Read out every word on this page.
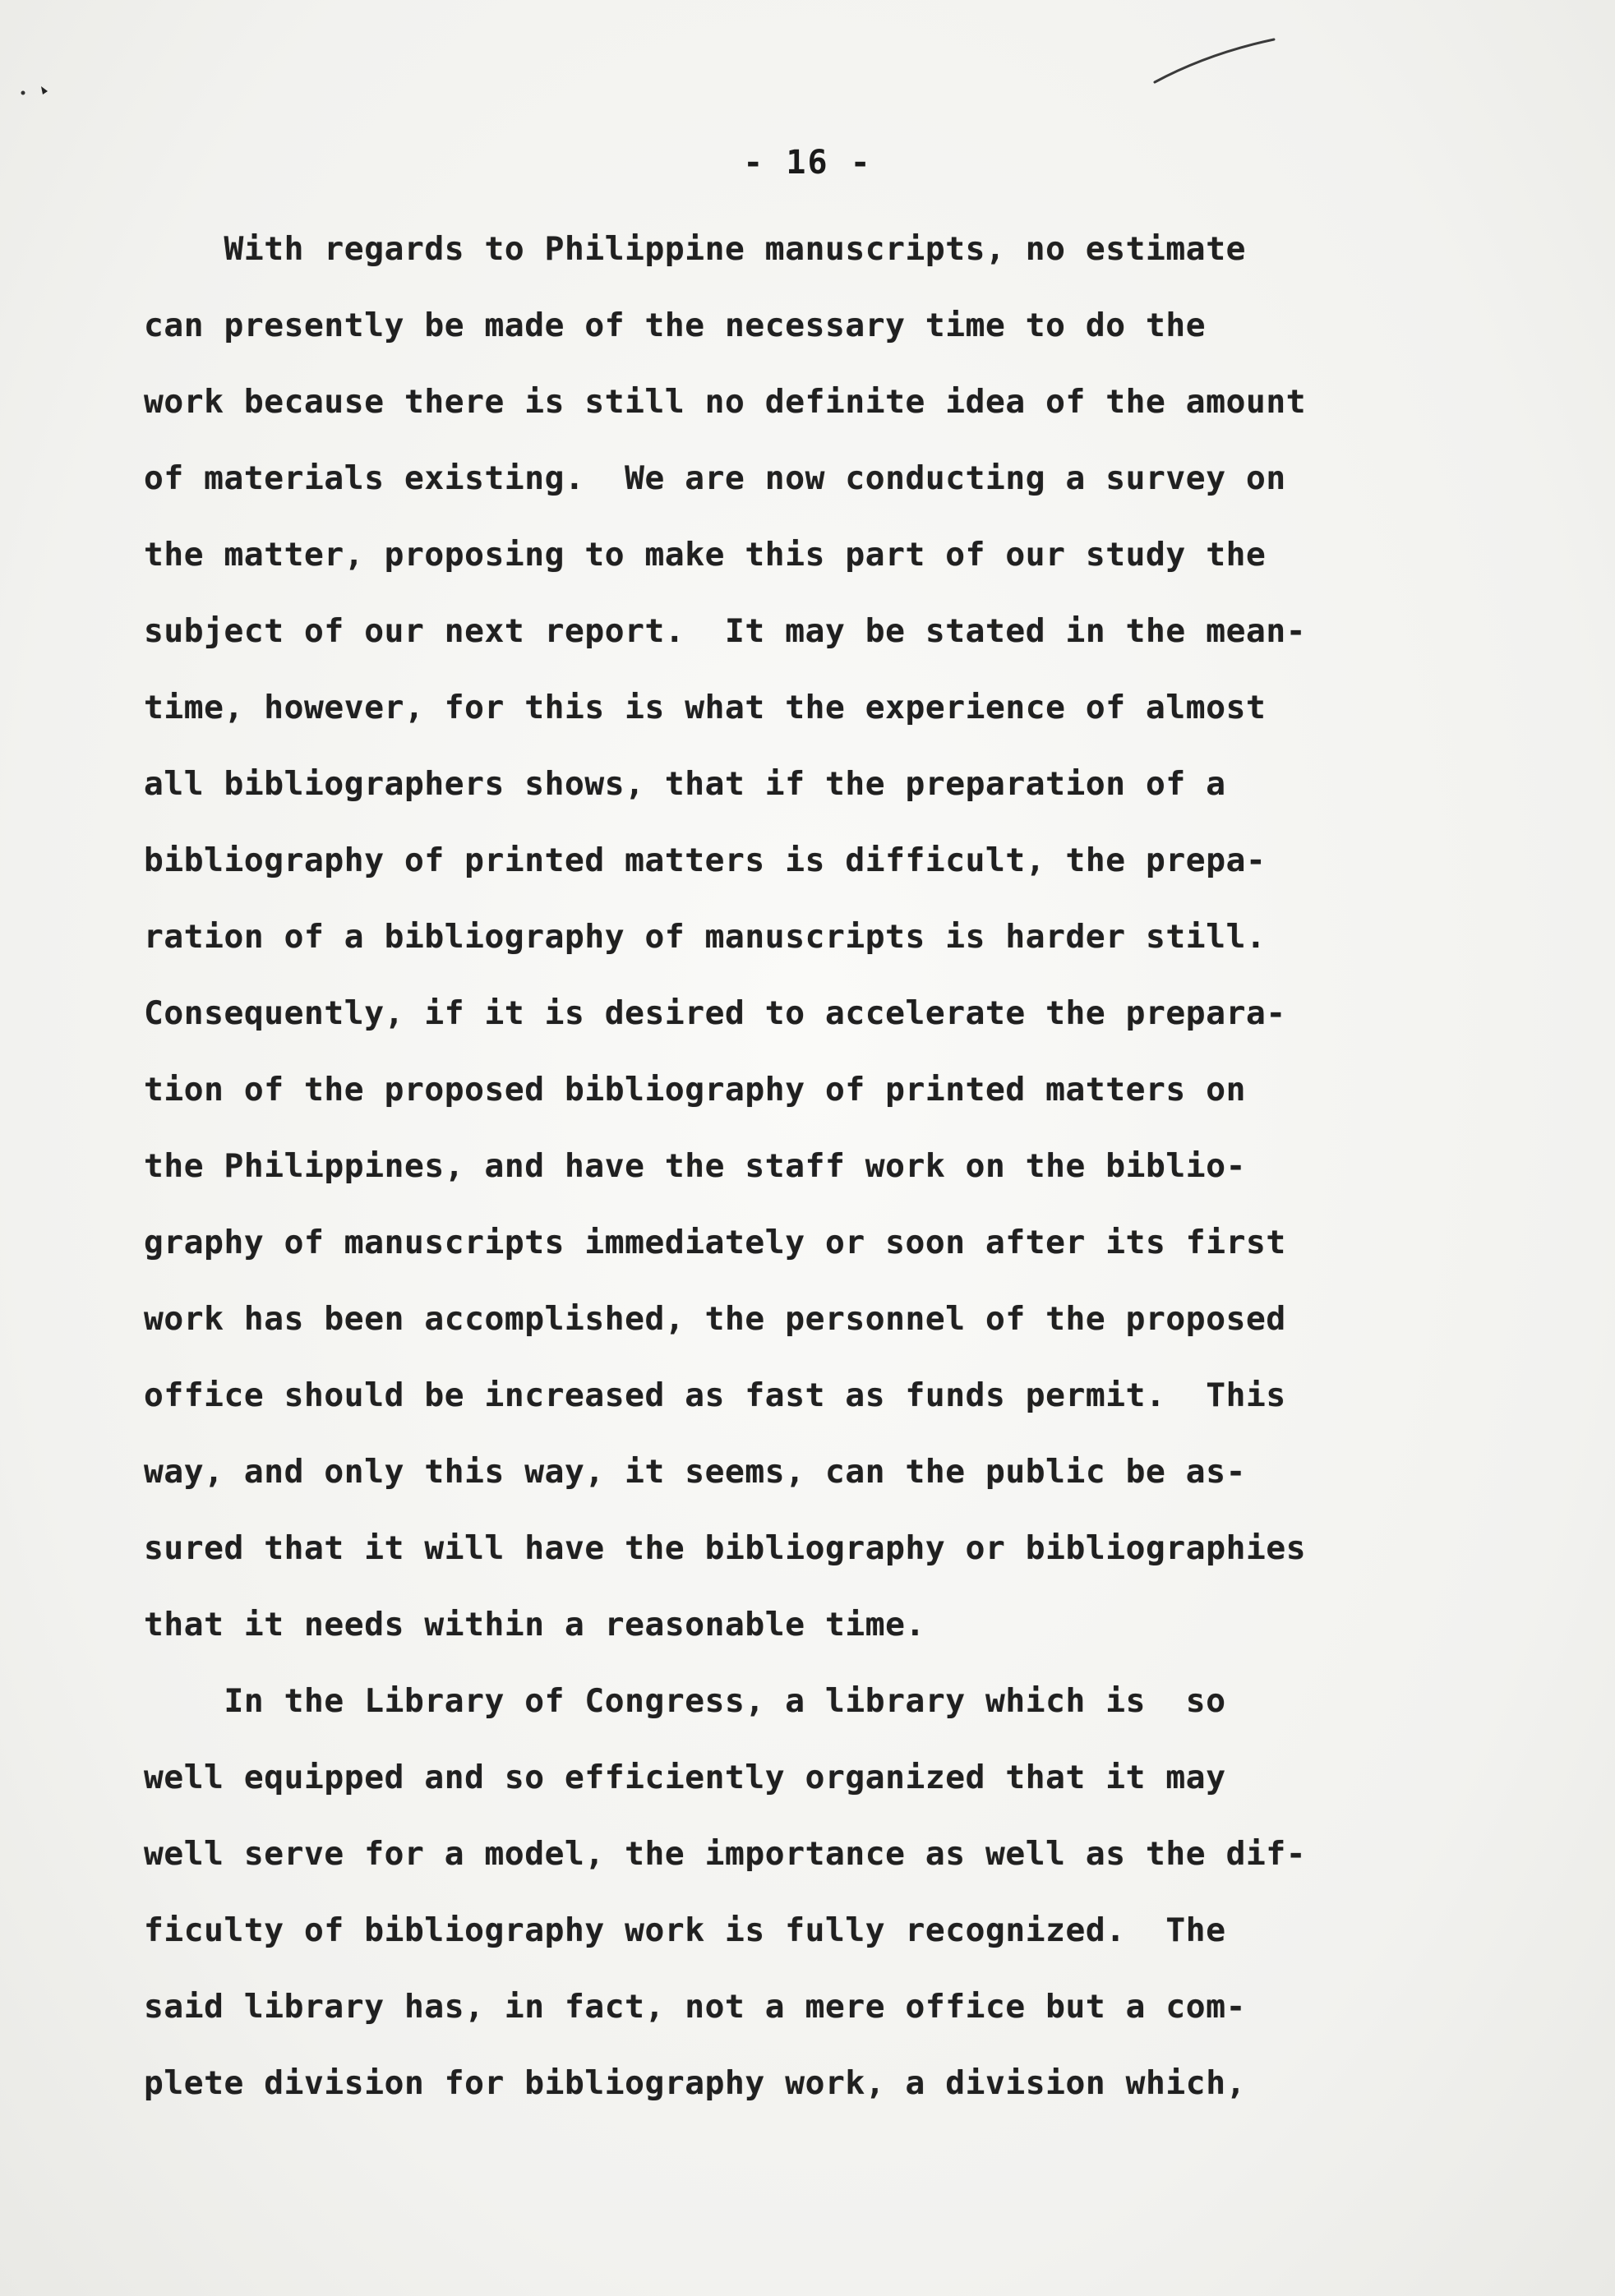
- 16 -

With regards to Philippine manuscripts, no estimate

can presently be made of the necessary time to do the

work because there is still no definite idea of the amount

of materials existing.  We are now conducting a survey on

the matter, proposing to make this part of our study the

subject of our next report.  It may be stated in the mean-

time, however, for this is what the experience of almost

all bibliographers shows, that if the preparation of a

bibliography of printed matters is difficult, the prepa-

ration of a bibliography of manuscripts is harder still.

Consequently, if it is desired to accelerate the prepara-

tion of the proposed bibliography of printed matters on

the Philippines, and have the staff work on the biblio-

graphy of manuscripts immediately or soon after its first

work has been accomplished, the personnel of the proposed

office should be increased as fast as funds permit.  This

way, and only this way, it seems, can the public be as-

sured that it will have the bibliography or bibliographies

that it needs within a reasonable time.

In the Library of Congress, a library which is  so

well equipped and so efficiently organized that it may

well serve for a model, the importance as well as the dif-

ficulty of bibliography work is fully recognized.  The

said library has, in fact, not a mere office but a com-

plete division for bibliography work, a division which,
